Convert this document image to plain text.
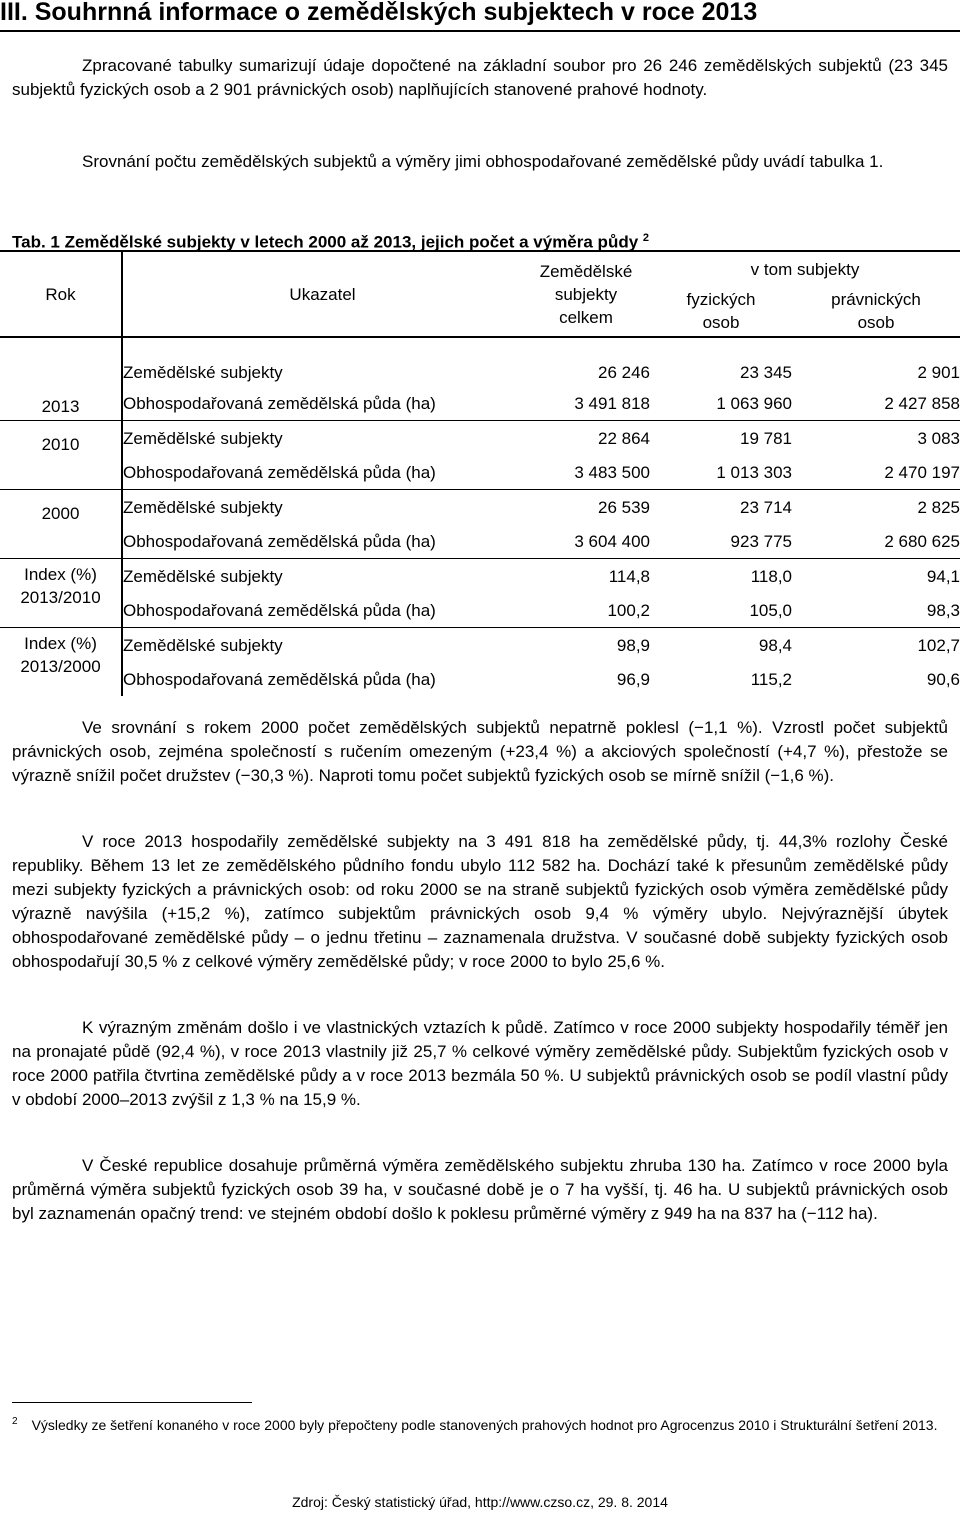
III. Souhrnná informace o zemědělských subjektech v roce 2013

Zpracované tabulky sumarizují údaje dopočtené na základní soubor pro 26 246 zemědělských subjektů (23 345 subjektů fyzických osob a 2 901 právnických osob) naplňujících stanovené prahové hodnoty.

Srovnání počtu zemědělských subjektů a výměry jimi obhospodařované zemědělské půdy uvádí tabulka 1.

Tab. 1 Zemědělské subjekty v letech 2000 až 2013, jejich počet a výměra půdy $^2$

Rok	Ukazatel	Zemědělské subjekty celkem	v tom subjekty	
			fyzických osob	právnických osob
2013	Zemědělské subjekty	26 246	23 345	2 901
	Obhospodařovaná zemědělská půda (ha)	3 491 818	1 063 960	2 427 858
2010	Zemědělské subjekty	22 864	19 781	3 083
	Obhospodařovaná zemědělská půda (ha)	3 483 500	1 013 303	2 470 197
2000	Zemědělské subjekty	26 539	23 714	2 825
	Obhospodařovaná zemědělská půda (ha)	3 604 400	923 775	2 680 625
Index (%) 2013/2010	Zemědělské subjekty	114,8	118,0	94,1
	Obhospodařovaná zemědělská půda (ha)	100,2	105,0	98,3
Index (%) 2013/2000	Zemědělské subjekty	98,9	98,4	102,7
	Obhospodařovaná zemědělská půda (ha)	96,9	115,2	90,6

Ve srovnání s rokem 2000 počet zemědělských subjektů nepatrně poklesl (−1,1 %). Vzrostl počet subjektů právnických osob, zejména společností s ručením omezeným (+23,4 %) a akciových společností (+4,7 %), přestože se výrazně snížil počet družstev (−30,3 %). Naproti tomu počet subjektů fyzických osob se mírně snížil (−1,6 %).

V roce 2013 hospodařily zemědělské subjekty na 3 491 818 ha zemědělské půdy, tj. 44,3% rozlohy České republiky. Během 13 let ze zemědělského půdního fondu ubylo 112 582 ha. Dochází také k přesunům zemědělské půdy mezi subjekty fyzických a právnických osob: od roku 2000 se na straně subjektů fyzických osob výměra zemědělské půdy výrazně navýšila (+15,2 %), zatímco subjektům právnických osob 9,4 % výměry ubylo. Nejvýraznější úbytek obhospodařované zemědělské půdy – o jednu třetinu – zaznamenala družstva. V současné době subjekty fyzických osob obhospodařují 30,5 % z celkové výměry zemědělské půdy; v roce 2000 to bylo 25,6 %.

K výrazným změnám došlo i ve vlastnických vztazích k půdě. Zatímco v roce 2000 subjekty hospodařily téměř jen na pronajaté půdě (92,4 %), v roce 2013 vlastnily již 25,7 % celkové výměry zemědělské půdy. Subjektům fyzických osob v roce 2000 patřila čtvrtina zemědělské půdy a v roce 2013 bezmála 50 %. U subjektů právnických osob se podíl vlastní půdy v období 2000–2013 zvýšil z 1,3 % na 15,9 %.

V České republice dosahuje průměrná výměra zemědělského subjektu zhruba 130 ha. Zatímco v roce 2000 byla průměrná výměra subjektů fyzických osob 39 ha, v současné době je o 7 ha vyšší, tj. 46 ha. U subjektů právnických osob byl zaznamenán opačný trend: ve stejném období došlo k poklesu průměrné výměry z 949 ha na 837 ha (−112 ha).

$^2$ Výsledky ze šetření konaného v roce 2000 byly přepočteny podle stanovených prahových hodnot pro Agrocenzus 2010 i Strukturální šetření 2013.

Zdroj: Český statistický úřad, http://www.czso.cz, 29. 8. 2014
